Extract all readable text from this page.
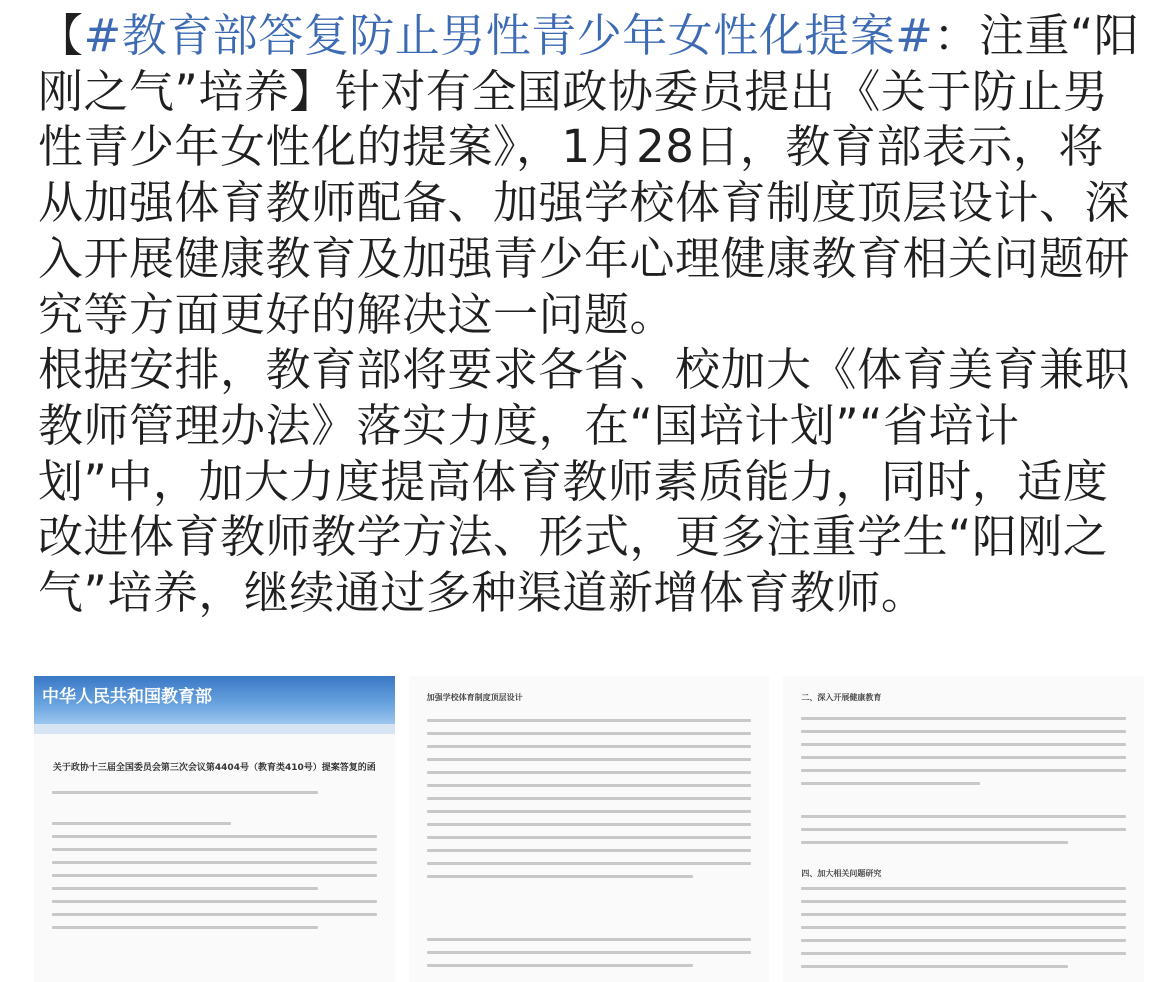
【#教育部答复防止男性青少年女性化提案#：注重“阳刚之气”培养】针对有全国政协委员提出《关于防止男性青少年女性化的提案》，1月28日，教育部表示，将从加强体育教师配备、加强学校体育制度顶层设计、深入开展健康教育及加强青少年心理健康教育相关问题研究等方面更好的解决这一问题。

根据安排，教育部将要求各省、校加大《体育美育兼职教师管理办法》落实力度，在“国培计划”“省培计划”中，加大力度提高体育教师素质能力，同时，适度改进体育教师教学方法、形式，更多注重学生“阳刚之气”培养，继续通过多种渠道新增体育教师。

中华人民共和国教育部
关于政协十三届全国委员会第三次会议第4404号（教育类410号）提案答复的函
加强学校体育制度顶层设计	二、深入开展健康教育
四、加大相关问题研究
